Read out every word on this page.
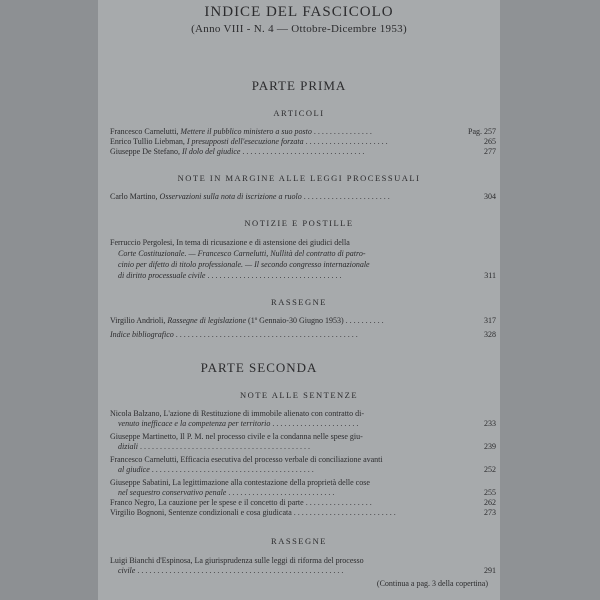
INDICE DEL FASCICOLO
(Anno VIII - N. 4 — Ottobre-Dicembre 1953)
PARTE PRIMA
ARTICOLI
Francesco Carnelutti, Mettere il pubblico ministero a suo posto . . . . . . . . . . . . . . .	Pag. 257
Enrico Tullio Liebman, I presupposti dell'esecuzione forzata . . . . . . . . . . . . . . . . . . . . .	265
Giuseppe De Stefano, Il dolo del giudice . . . . . . . . . . . . . . . . . . . . . . . . . . . . . . .	277
NOTE IN MARGINE ALLE LEGGI PROCESSUALI
Carlo Martino, Osservazioni sulla nota di iscrizione a ruolo . . . . . . . . . . . . . . . . . . . . . .	304
NOTIZIE E POSTILLE
Ferruccio Pergolesi, In tema di ricusazione e di astensione dei giudici della
Corte Costituzionale. — Francesco Carnelutti, Nullità del contratto di patro-
cinio per difetto di titolo professionale. — Il secondo congresso internazionale
di diritto processuale civile . . . . . . . . . . . . . . . . . . . . . . . . . . . . . . . . . .	311
RASSEGNE
Virgilio Andrioli, Rassegne di legislazione (1º Gennaio-30 Giugno 1953) . . . . . . . . . .	317
Indice bibliografico . . . . . . . . . . . . . . . . . . . . . . . . . . . . . . . . . . . . . . . . . . . . . .	328
PARTE SECONDA
NOTE ALLE SENTENZE
Nicola Balzano, L'azione di Restituzione di immobile alienato con contratto di-
venuto inefficace e la competenza per territorio . . . . . . . . . . . . . . . . . . . . . .	233
Giuseppe Martinetto, Il P. M. nel processo civile e la condanna nelle spese giu-
diziali . . . . . . . . . . . . . . . . . . . . . . . . . . . . . . . . . . . . . . . . . . .	239
Francesco Carnelutti, Efficacia esecutiva del processo verbale di conciliazione avanti
al giudice . . . . . . . . . . . . . . . . . . . . . . . . . . . . . . . . . . . . . . . . .	252
Giuseppe Sabatini, La legittimazione alla contestazione della proprietà delle cose
nel sequestro conservativo penale . . . . . . . . . . . . . . . . . . . . . . . . . . .	255
Franco Negro, La cauzione per le spese e il concetto di parte . . . . . . . . . . . . . . . . .	262
Virgilio Bognoni, Sentenze condizionali e cosa giudicata . . . . . . . . . . . . . . . . . . . . . . . . . .	273
RASSEGNE
Luigi Bianchi d'Espinosa, La giurisprudenza sulle leggi di riforma del processo
civile . . . . . . . . . . . . . . . . . . . . . . . . . . . . . . . . . . . . . . . . . . . . . . . . . . . .	291
(Continua a pag. 3 della copertina)
